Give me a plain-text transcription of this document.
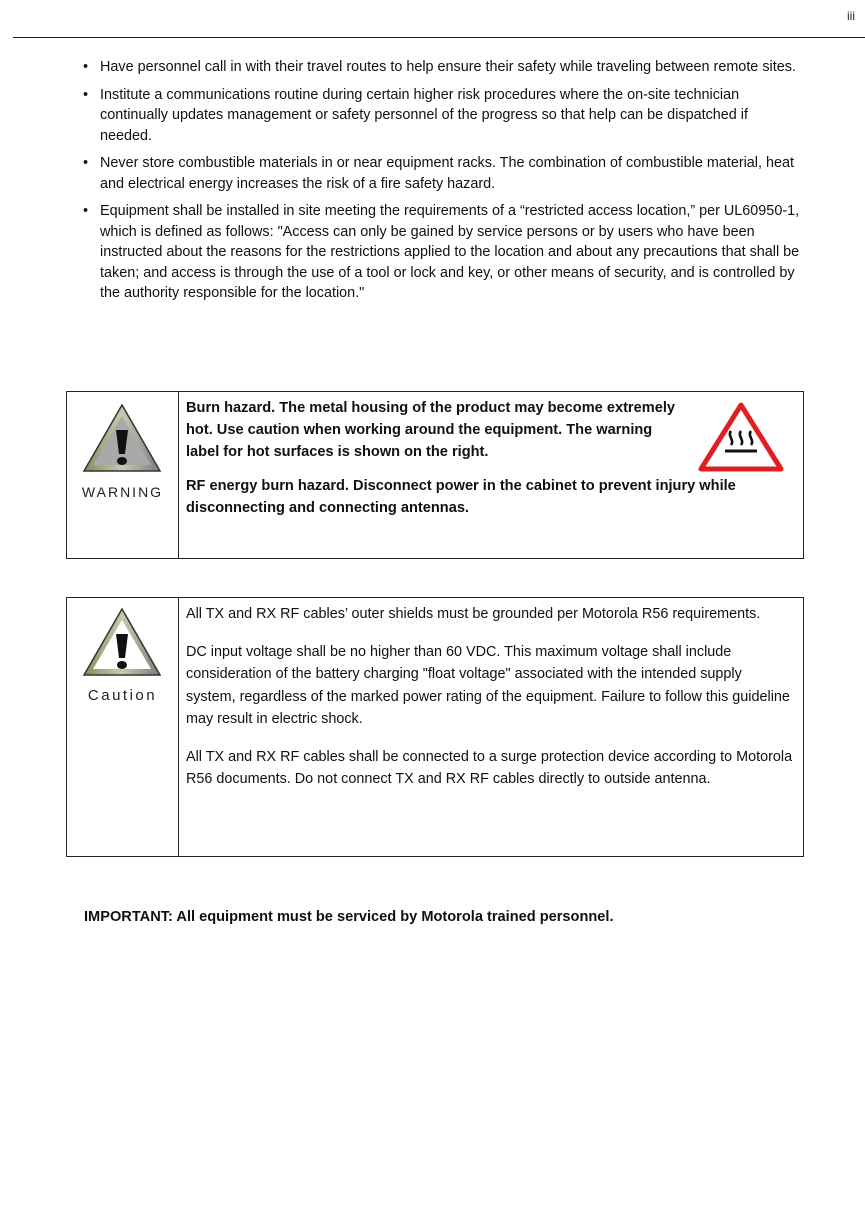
iii
• Have personnel call in with their travel routes to help ensure their safety while traveling between remote sites.
• Institute a communications routine during certain higher risk procedures where the on-site technician continually updates management or safety personnel of the progress so that help can be dispatched if needed.
• Never store combustible materials in or near equipment racks. The combination of combustible material, heat and electrical energy increases the risk of a fire safety hazard.
• Equipment shall be installed in site meeting the requirements of a “restricted access location,” per UL60950-1, which is defined as follows: "Access can only be gained by service persons or by users who have been instructed about the reasons for the restrictions applied to the location and about any precautions that shall be taken; and access is through the use of a tool or lock and key, or other means of security, and is controlled by the authority responsible for the location."
WARNING

Burn hazard. The metal housing of the product may become extremely hot. Use caution when working around the equipment. The warning label for hot surfaces is shown on the right.

RF energy burn hazard. Disconnect power in the cabinet to prevent injury while disconnecting and connecting antennas.

Caution

All TX and RX RF cables’ outer shields must be grounded per Motorola R56 requirements.

DC input voltage shall be no higher than 60 VDC. This maximum voltage shall include consideration of the battery charging "float voltage" associated with the intended supply system, regardless of the marked power rating of the equipment. Failure to follow this guideline may result in electric shock.

All TX and RX RF cables shall be connected to a surge protection device according to Motorola R56 documents. Do not connect TX and RX RF cables directly to outside antenna.

IMPORTANT: All equipment must be serviced by Motorola trained personnel.
